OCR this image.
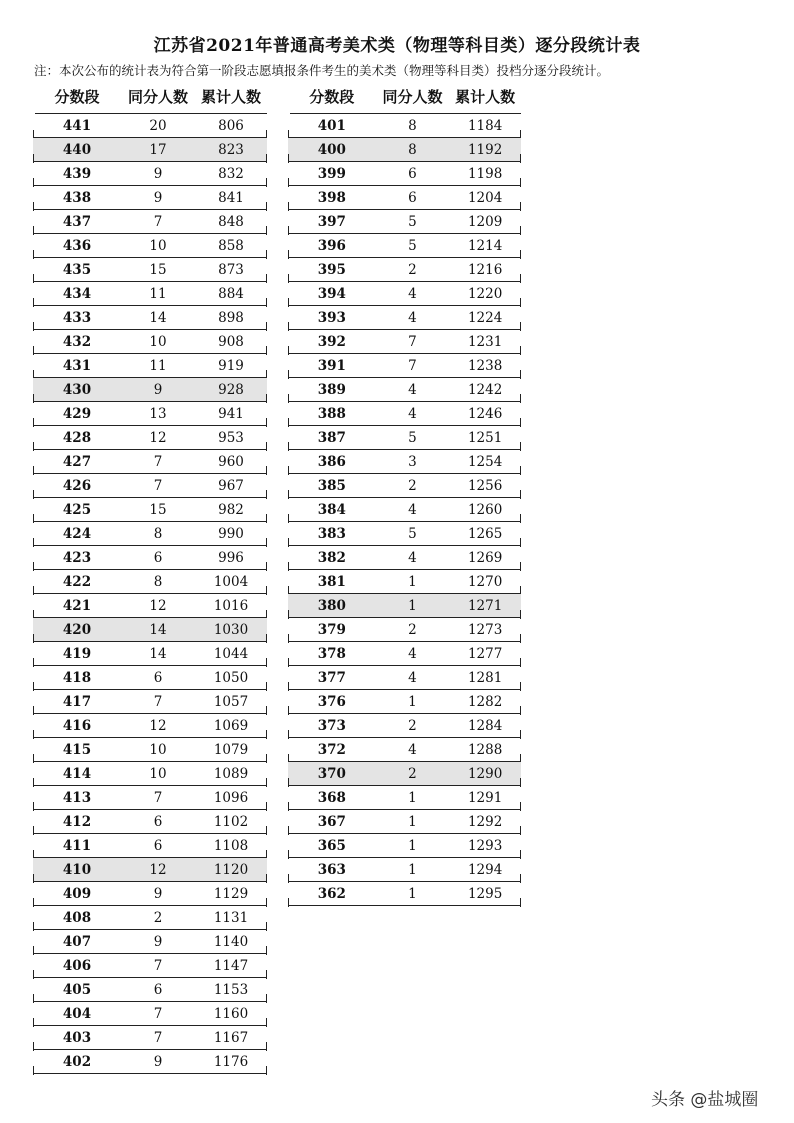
江苏省2021年普通高考美术类（物理等科目类）逐分段统计表
注：本次公布的统计表为符合第一阶段志愿填报条件考生的美术类（物理等科目类）投档分逐分段统计。
分数段	同分人数 累计人数
441	20	806
440	17	823
439	9	832
438	9	841
437	7	848
436	10	858
435	15	873
434	11	884
433	14	898
432	10	908
431	11	919
430	9	928
429	13	941
428	12	953
427	7	960
426	7	967
425	15	982
424	8	990
423	6	996
422	8	1004
421	12	1016
420	14	1030
419	14	1044
418	6	1050
417	7	1057
416	12	1069
415	10	1079
414	10	1089
413	7	1096
412	6	1102
411	6	1108
410	12	1120
409	9	1129
408	2	1131
407	9	1140
406	7	1147
405	6	1153
404	7	1160
403	7	1167
402	9	1176
分数段	同分人数 累计人数
401	8	1184
400	8	1192
399	6	1198
398	6	1204
397	5	1209
396	5	1214
395	2	1216
394	4	1220
393	4	1224
392	7	1231
391	7	1238
389	4	1242
388	4	1246
387	5	1251
386	3	1254
385	2	1256
384	4	1260
383	5	1265
382	4	1269
381	1	1270
380	1	1271
379	2	1273
378	4	1277
377	4	1281
376	1	1282
373	2	1284
372	4	1288
370	2	1290
368	1	1291
367	1	1292
365	1	1293
363	1	1294
362	1	1295
头条 @盐城圈
